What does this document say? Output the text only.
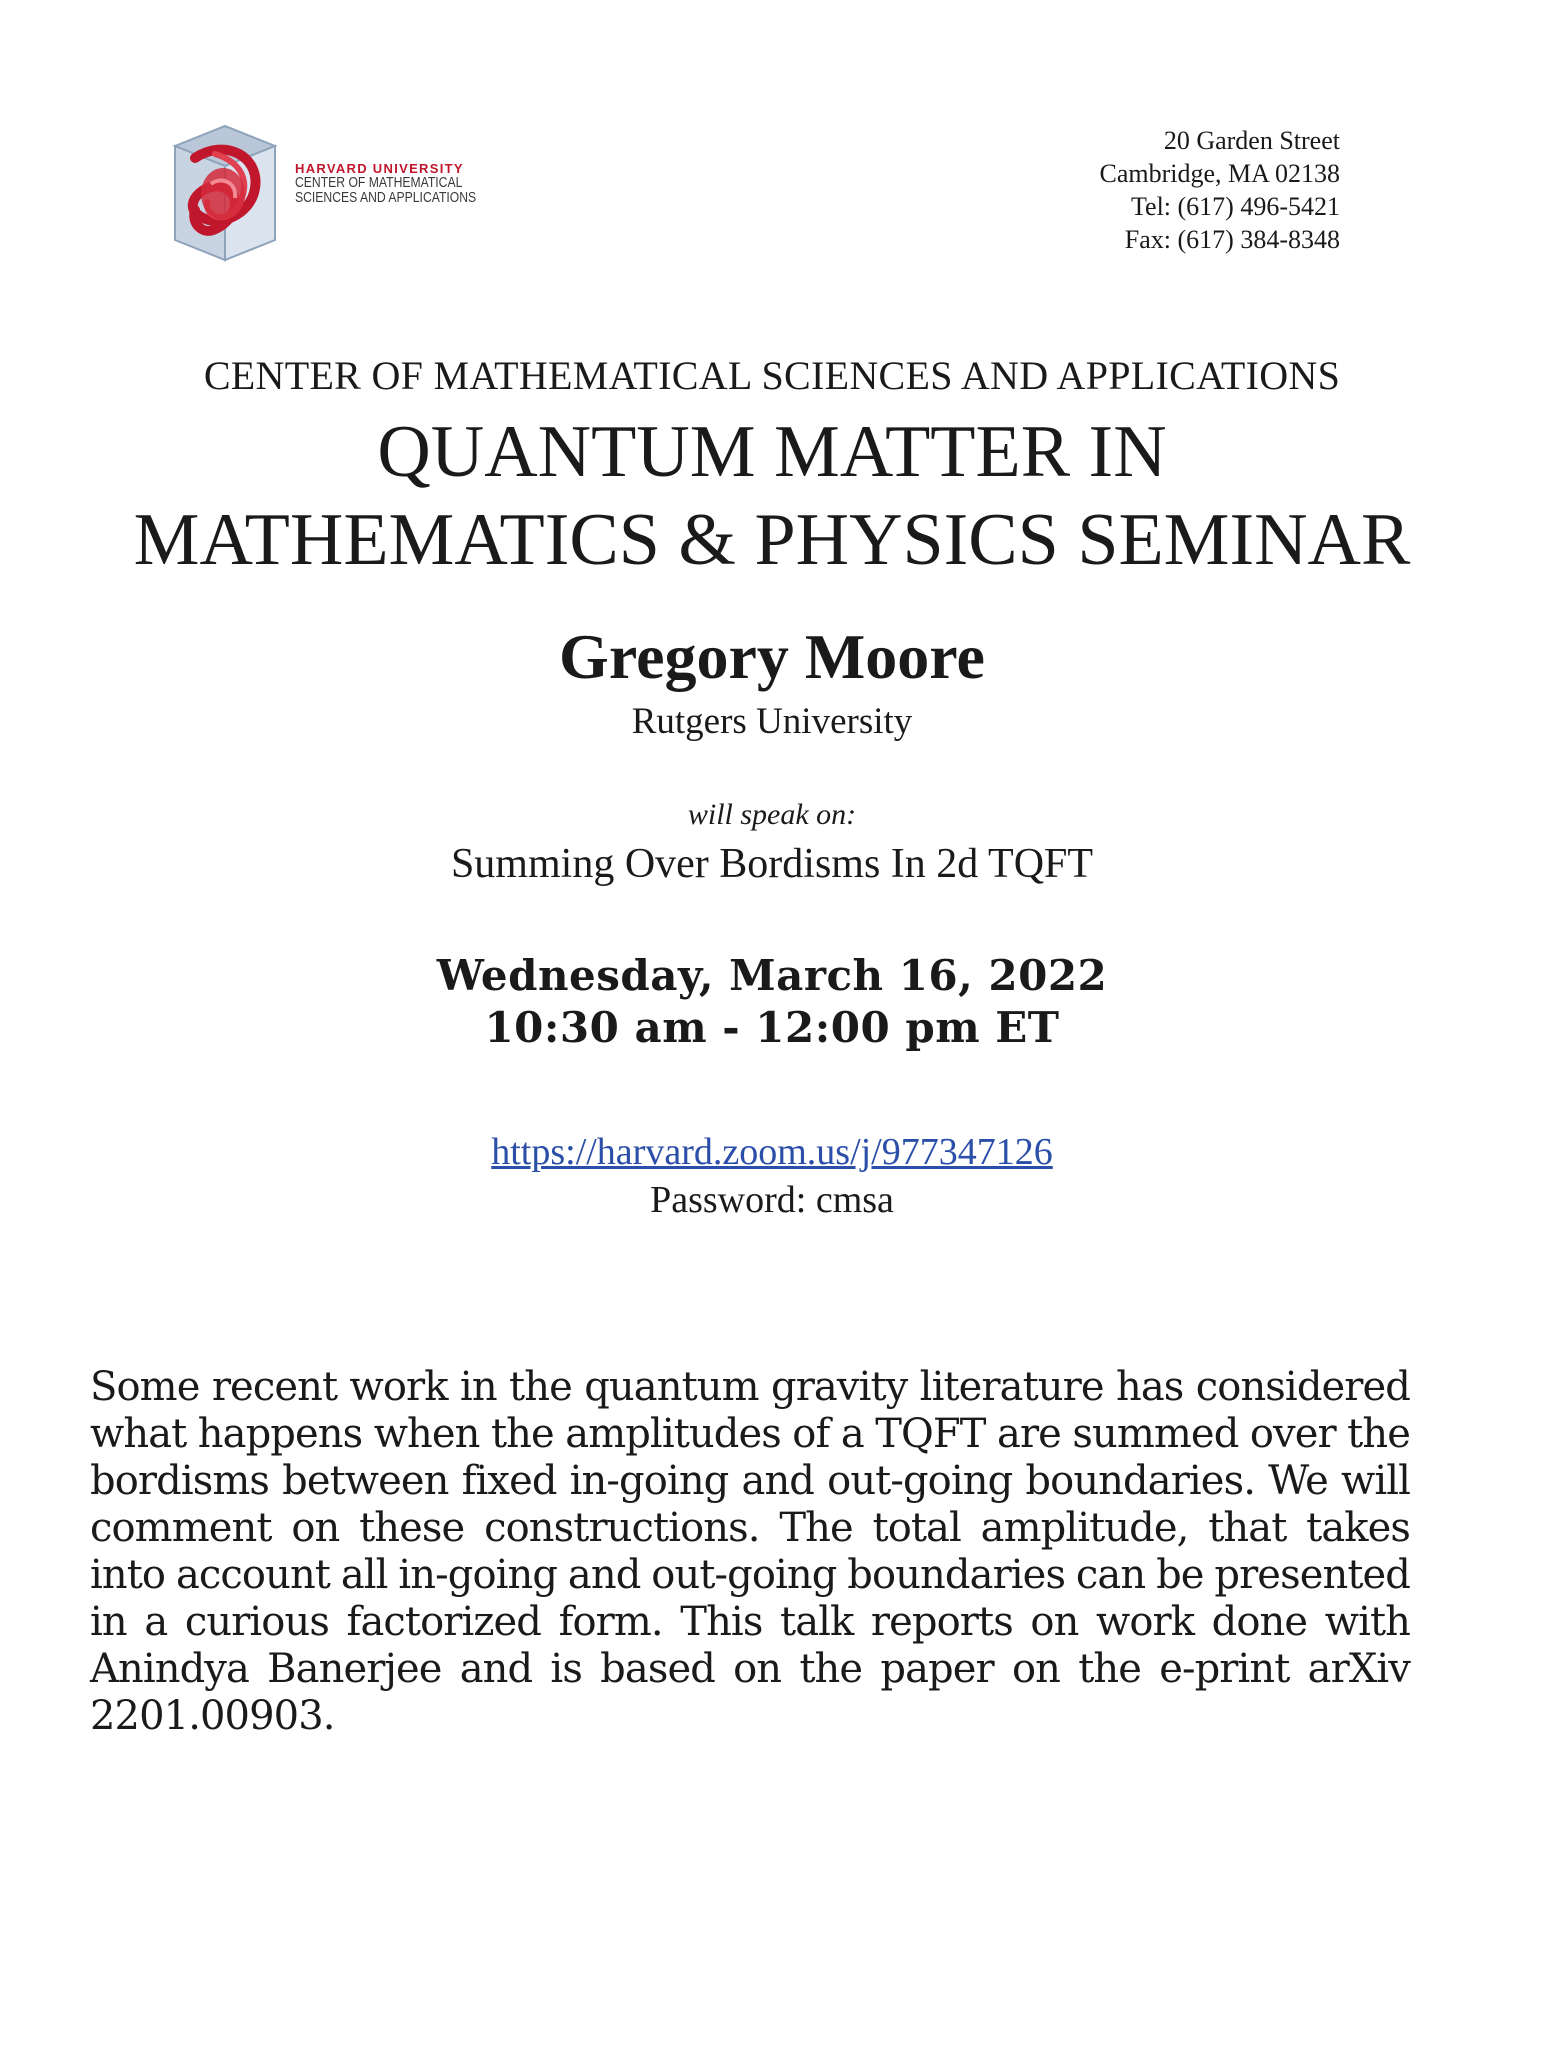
HARVARD UNIVERSITY
CENTER OF MATHEMATICAL
SCIENCES AND APPLICATIONS
20 Garden Street
Cambridge, MA 02138
Tel: (617) 496-5421
Fax: (617) 384-8348
CENTER OF MATHEMATICAL SCIENCES AND APPLICATIONS
QUANTUM MATTER IN
MATHEMATICS & PHYSICS SEMINAR
Gregory Moore
Rutgers University
will speak on:
Summing Over Bordisms In 2d TQFT
Wednesday, March 16, 2022
10:30 am - 12:00 pm ET
https://harvard.zoom.us/j/977347126
Password: cmsa
Some recent work in the quantum gravity literature has considered what happens when the amplitudes of a TQFT are summed over the bordisms between fixed in-going and out-going boundaries. We will comment on these constructions. The total amplitude, that takes into account all in-going and out-going boundaries can be presented in a curious factorized form. This talk reports on work done with Anindya Banerjee and is based on the paper on the e-print arXiv 2201.00903.
